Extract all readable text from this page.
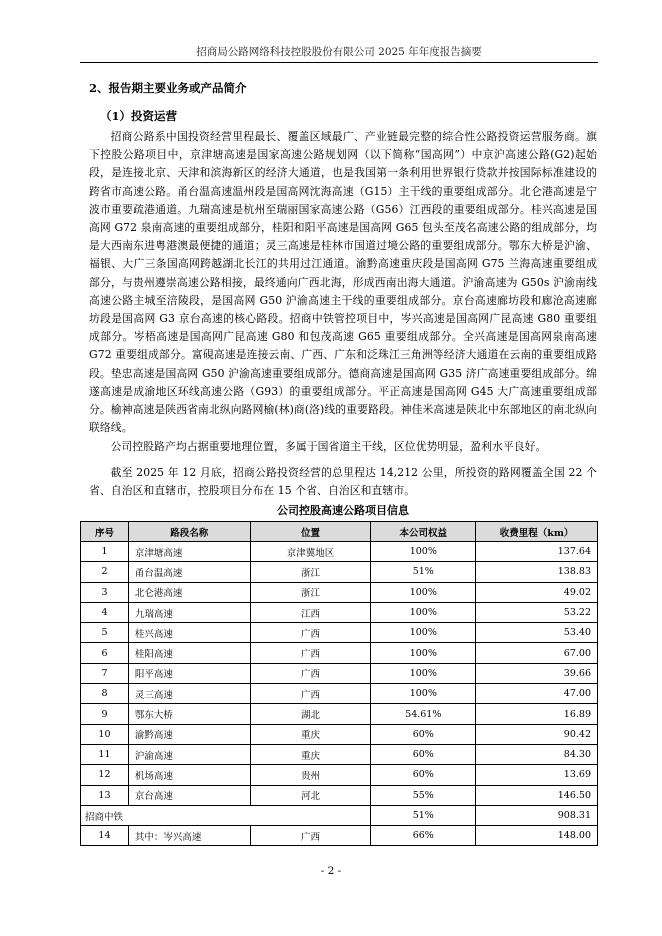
招商局公路网络科技控股股份有限公司 2025 年年度报告摘要
2、报告期主要业务或产品简介
（1）投资运营

招商公路系中国投资经营里程最长、覆盖区域最广、产业链最完整的综合性公路投资运营服务商。旗下控股公路项目中，京津塘高速是国家高速公路规划网（以下简称“国高网”）中京沪高速公路(G2)起始段，是连接北京、天津和滨海新区的经济大通道，也是我国第一条利用世界银行贷款并按国际标准建设的跨省市高速公路。甬台温高速温州段是国高网沈海高速（G15）主干线的重要组成部分。北仑港高速是宁波市重要疏港通道。九瑞高速是杭州至瑞丽国家高速公路（G56）江西段的重要组成部分。桂兴高速是国高网 G72 泉南高速的重要组成部分，桂阳和阳平高速是国高网 G65 包头至茂名高速公路的组成部分，均是大西南东进粤港澳最便捷的通道；灵三高速是桂林市国道过境公路的重要组成部分。鄂东大桥是沪渝、福银、大广三条国高网跨越湖北长江的共用过江通道。渝黔高速重庆段是国高网 G75 兰海高速重要组成部分，与贵州遵崇高速公路相接，最终通向广西北海，形成西南出海大通道。沪渝高速为 G50s 沪渝南线高速公路主城至涪陵段，是国高网 G50 沪渝高速主干线的重要组成部分。京台高速廊坊段和廊沧高速廊坊段是国高网 G3 京台高速的核心路段。招商中铁管控项目中，岑兴高速是国高网广昆高速 G80 重要组成部分。岑梧高速是国高网广昆高速 G80 和包茂高速 G65 重要组成部分。全兴高速是国高网泉南高速 G72 重要组成部分。富硯高速是连接云南、广西、广东和泛珠江三角洲等经济大通道在云南的重要组成路段。垫忠高速是国高网 G50 沪渝高速重要组成部分。德商高速是国高网 G35 济广高速重要组成部分。绵遂高速是成渝地区环线高速公路（G93）的重要组成部分。平正高速是国高网 G45 大广高速重要组成部分。榆神高速是陕西省南北纵向路网榆(林)商(洛)线的重要路段。神佳米高速是陕北中东部地区的南北纵向联络线。

公司控股路产均占据重要地理位置，多属于国省道主干线，区位优势明显，盈利水平良好。

截至 2025 年 12 月底，招商公路投资经营的总里程达 14,212 公里，所投资的路网覆盖全国 22 个省、自治区和直辖市，控股项目分布在 15 个省、自治区和直辖市。

公司控股高速公路项目信息
序号	路段名称	位置	本公司权益	收费里程（km）
1	京津塘高速	京津冀地区	100%	137.64
2	甬台温高速	浙江	51%	138.83
3	北仑港高速	浙江	100%	49.02
4	九瑞高速	江西	100%	53.22
5	桂兴高速	广西	100%	53.40
6	桂阳高速	广西	100%	67.00
7	阳平高速	广西	100%	39.66
8	灵三高速	广西	100%	47.00
9	鄂东大桥	湖北	54.61%	16.89
10	渝黔高速	重庆	60%	90.42
11	沪渝高速	重庆	60%	84.30
12	机场高速	贵州	60%	13.69
13	京台高速	河北	55%	146.50
招商中铁			51%	908.31
14	其中：岑兴高速	广西	66%	148.00
- 2 -
